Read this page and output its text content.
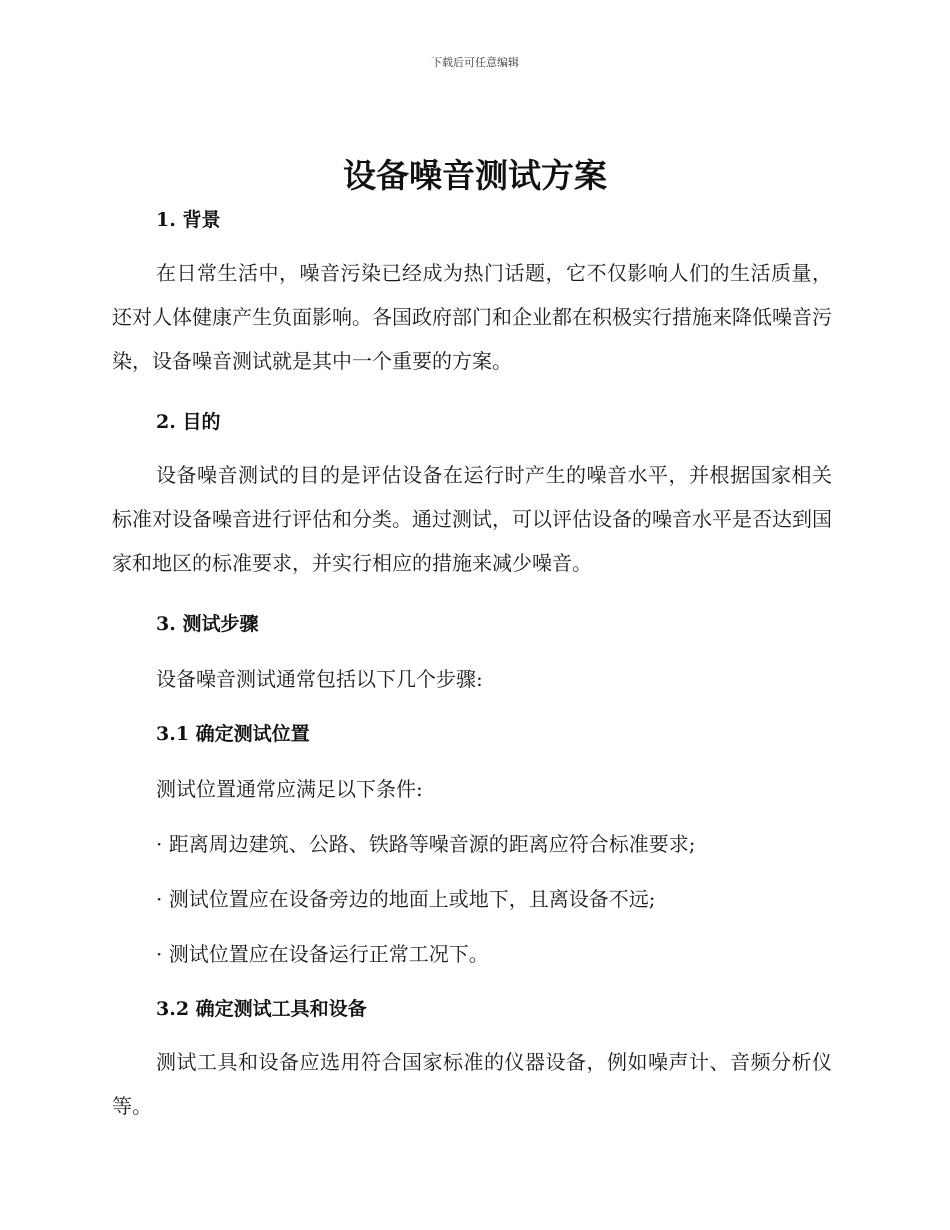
下载后可任意编辑
设备噪音测试方案
1. 背景
在日常生活中，噪音污染已经成为热门话题，它不仅影响人们的生活质量，还对人体健康产生负面影响。各国政府部门和企业都在积极实行措施来降低噪音污染，设备噪音测试就是其中一个重要的方案。
2. 目的
设备噪音测试的目的是评估设备在运行时产生的噪音水平，并根据国家相关标准对设备噪音进行评估和分类。通过测试，可以评估设备的噪音水平是否达到国家和地区的标准要求，并实行相应的措施来减少噪音。
3. 测试步骤
设备噪音测试通常包括以下几个步骤:
3.1 确定测试位置
测试位置通常应满足以下条件:
· 距离周边建筑、公路、铁路等噪音源的距离应符合标准要求;
· 测试位置应在设备旁边的地面上或地下，且离设备不远;
· 测试位置应在设备运行正常工况下。
3.2 确定测试工具和设备
测试工具和设备应选用符合国家标准的仪器设备，例如噪声计、音频分析仪等。
